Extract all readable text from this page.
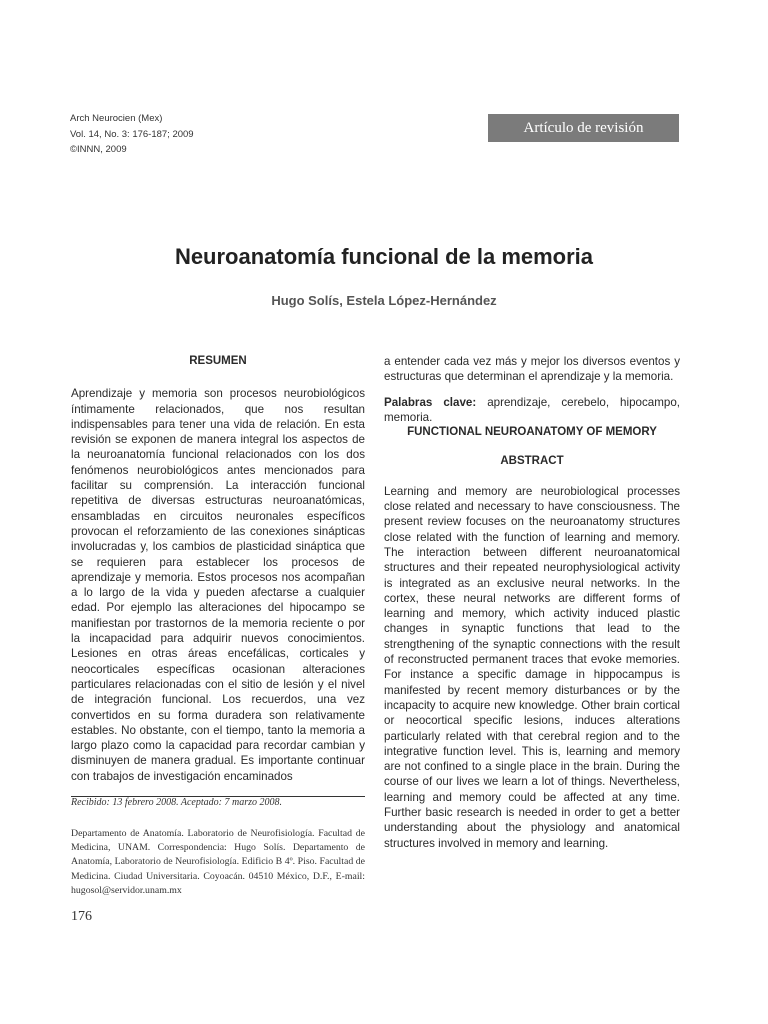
Arch Neurocien (Mex)
Vol. 14, No. 3: 176-187; 2009
©INNN, 2009
Artículo de revisión
Neuroanatomía funcional de la memoria
Hugo Solís, Estela López-Hernández
RESUMEN

Aprendizaje y memoria son procesos neurobiológicos íntimamente relacionados, que nos resultan indispensables para tener una vida de relación. En esta revisión se exponen de manera integral los aspectos de la neuroanatomía funcional relacionados con los dos fenómenos neurobiológicos antes mencionados para facilitar su comprensión. La interacción funcional repetitiva de diversas estructuras neuroanatómicas, ensambladas en circuitos neuronales específicos provocan el reforzamiento de las conexiones sinápticas involucradas y, los cambios de plasticidad sináptica que se requieren para establecer los procesos de aprendizaje y memoria. Estos procesos nos acompañan a lo largo de la vida y pueden afectarse a cualquier edad. Por ejemplo las alteraciones del hipocampo se manifiestan por trastornos de la memoria reciente o por la incapacidad para adquirir nuevos conocimientos. Lesiones en otras áreas encefálicas, corticales y neocorticales específicas ocasionan alteraciones particulares relacionadas con el sitio de lesión y el nivel de integración funcional. Los recuerdos, una vez convertidos en su forma duradera son relativamente estables. No obstante, con el tiempo, tanto la memoria a largo plazo como la capacidad para recordar cambian y disminuyen de manera gradual. Es importante continuar con trabajos de investigación encaminados

a entender cada vez más y mejor los diversos eventos y estructuras que determinan el aprendizaje y la memoria.

Palabras clave: aprendizaje, cerebelo, hipocampo, memoria.

FUNCTIONAL NEUROANATOMY OF MEMORY
ABSTRACT

Learning and memory are neurobiological processes close related and necessary to have consciousness. The present review focuses on the neuroanatomy structures close related with the function of learning and memory. The interaction between different neuroanatomical structures and their repeated neurophysiological activity is integrated as an exclusive neural networks. In the cortex, these neural networks are different forms of learning and memory, which activity induced plastic changes in synaptic functions that lead to the strengthening of the synaptic connections with the result of reconstructed permanent traces that evoke memories. For instance a specific damage in hippocampus is manifested by recent memory disturbances or by the incapacity to acquire new knowledge. Other brain cortical or neocortical specific lesions, induces alterations particularly related with that cerebral region and to the integrative function level. This is, learning and memory are not confined to a single place in the brain. During the course of our lives we learn a lot of things. Nevertheless, learning and memory could be affected at any time. Further basic research is needed in order to get a better understanding about the physiology and anatomical structures involved in memory and learning.

Recibido: 13 febrero 2008. Aceptado: 7 marzo 2008.
Departamento de Anatomía. Laboratorio de Neurofisiología. Facultad de Medicina, UNAM. Correspondencia: Hugo Solís. Departamento de Anatomía, Laboratorio de Neurofisiología. Edificio B 4º. Piso. Facultad de Medicina. Ciudad Universitaria. Coyoacán. 04510 México, D.F., E-mail: hugosol@servidor.unam.mx
176
